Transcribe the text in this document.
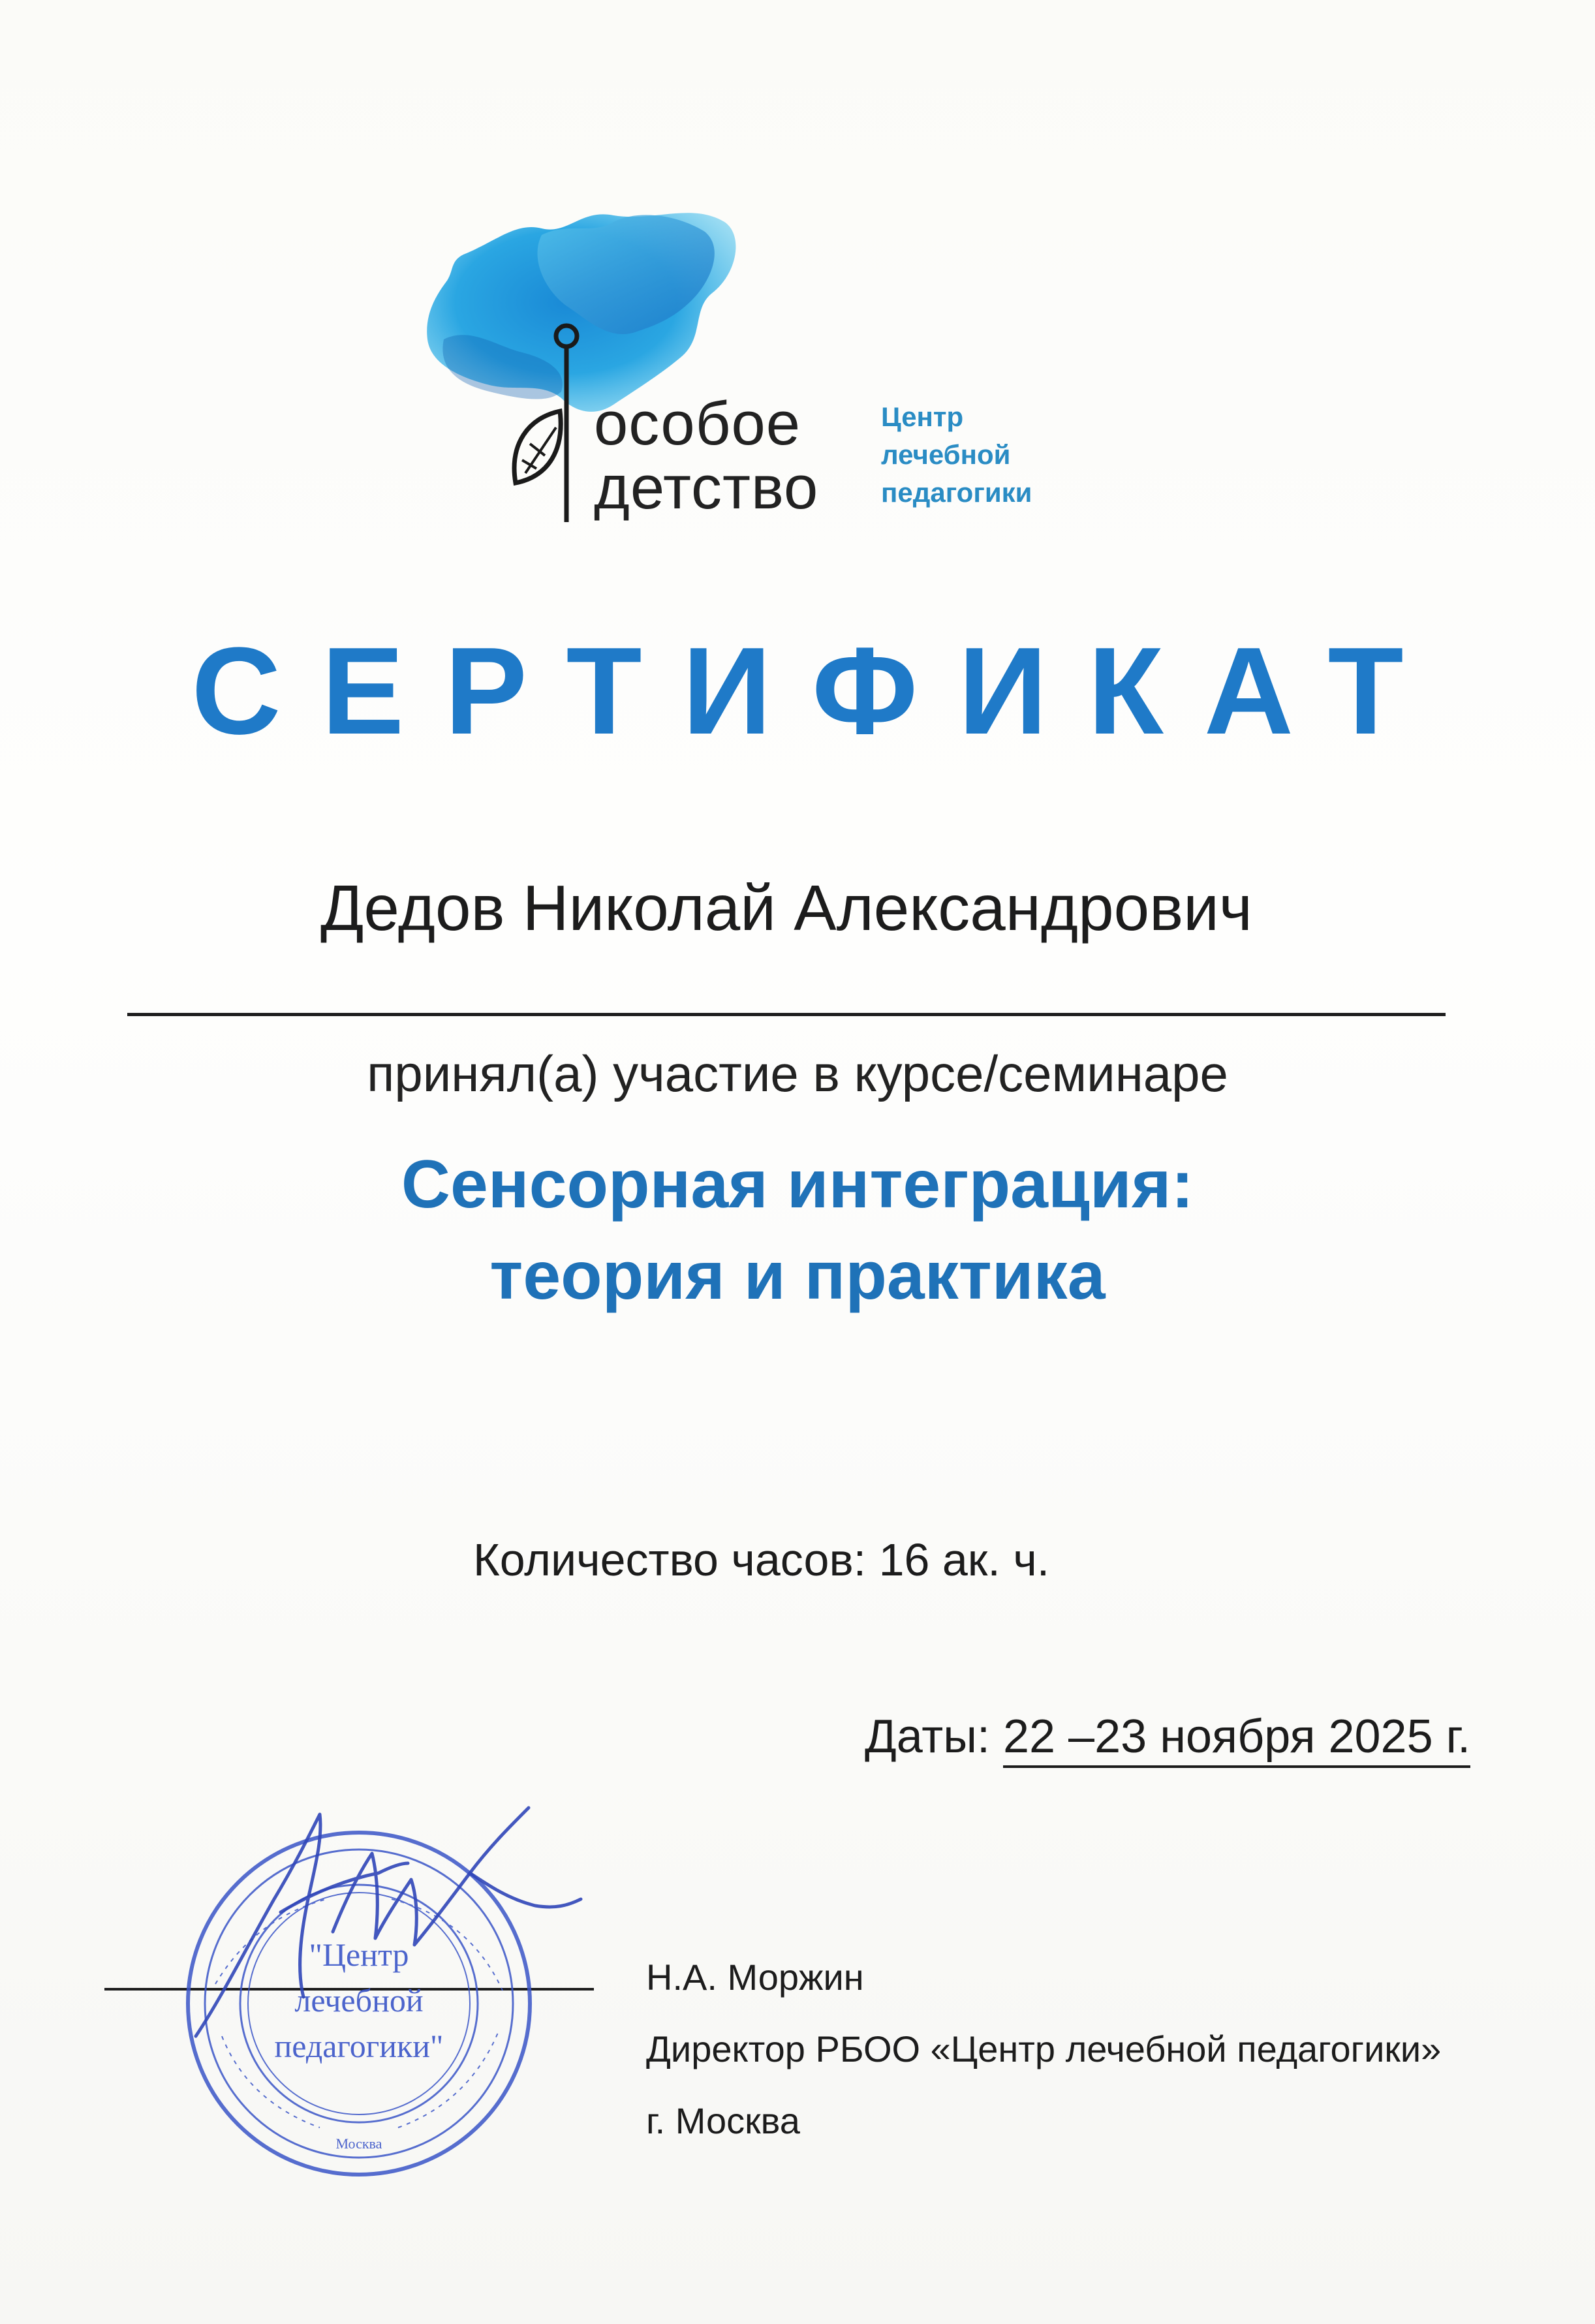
особое
детство
Центр
лечебной
педагогики
СЕРТИФИКАТ
Дедов Николай Александрович
принял(а) участие в курсе/семинаре
Сенсорная интеграция:
теория и практика
Количество часов: 16 ак. ч.
Даты: 22 –23 ноября 2025 г.
"Центр
лечебной
педагогики"
Москва
Н.А. Моржин
Директор РБОО «Центр лечебной педагогики»
г. Москва
